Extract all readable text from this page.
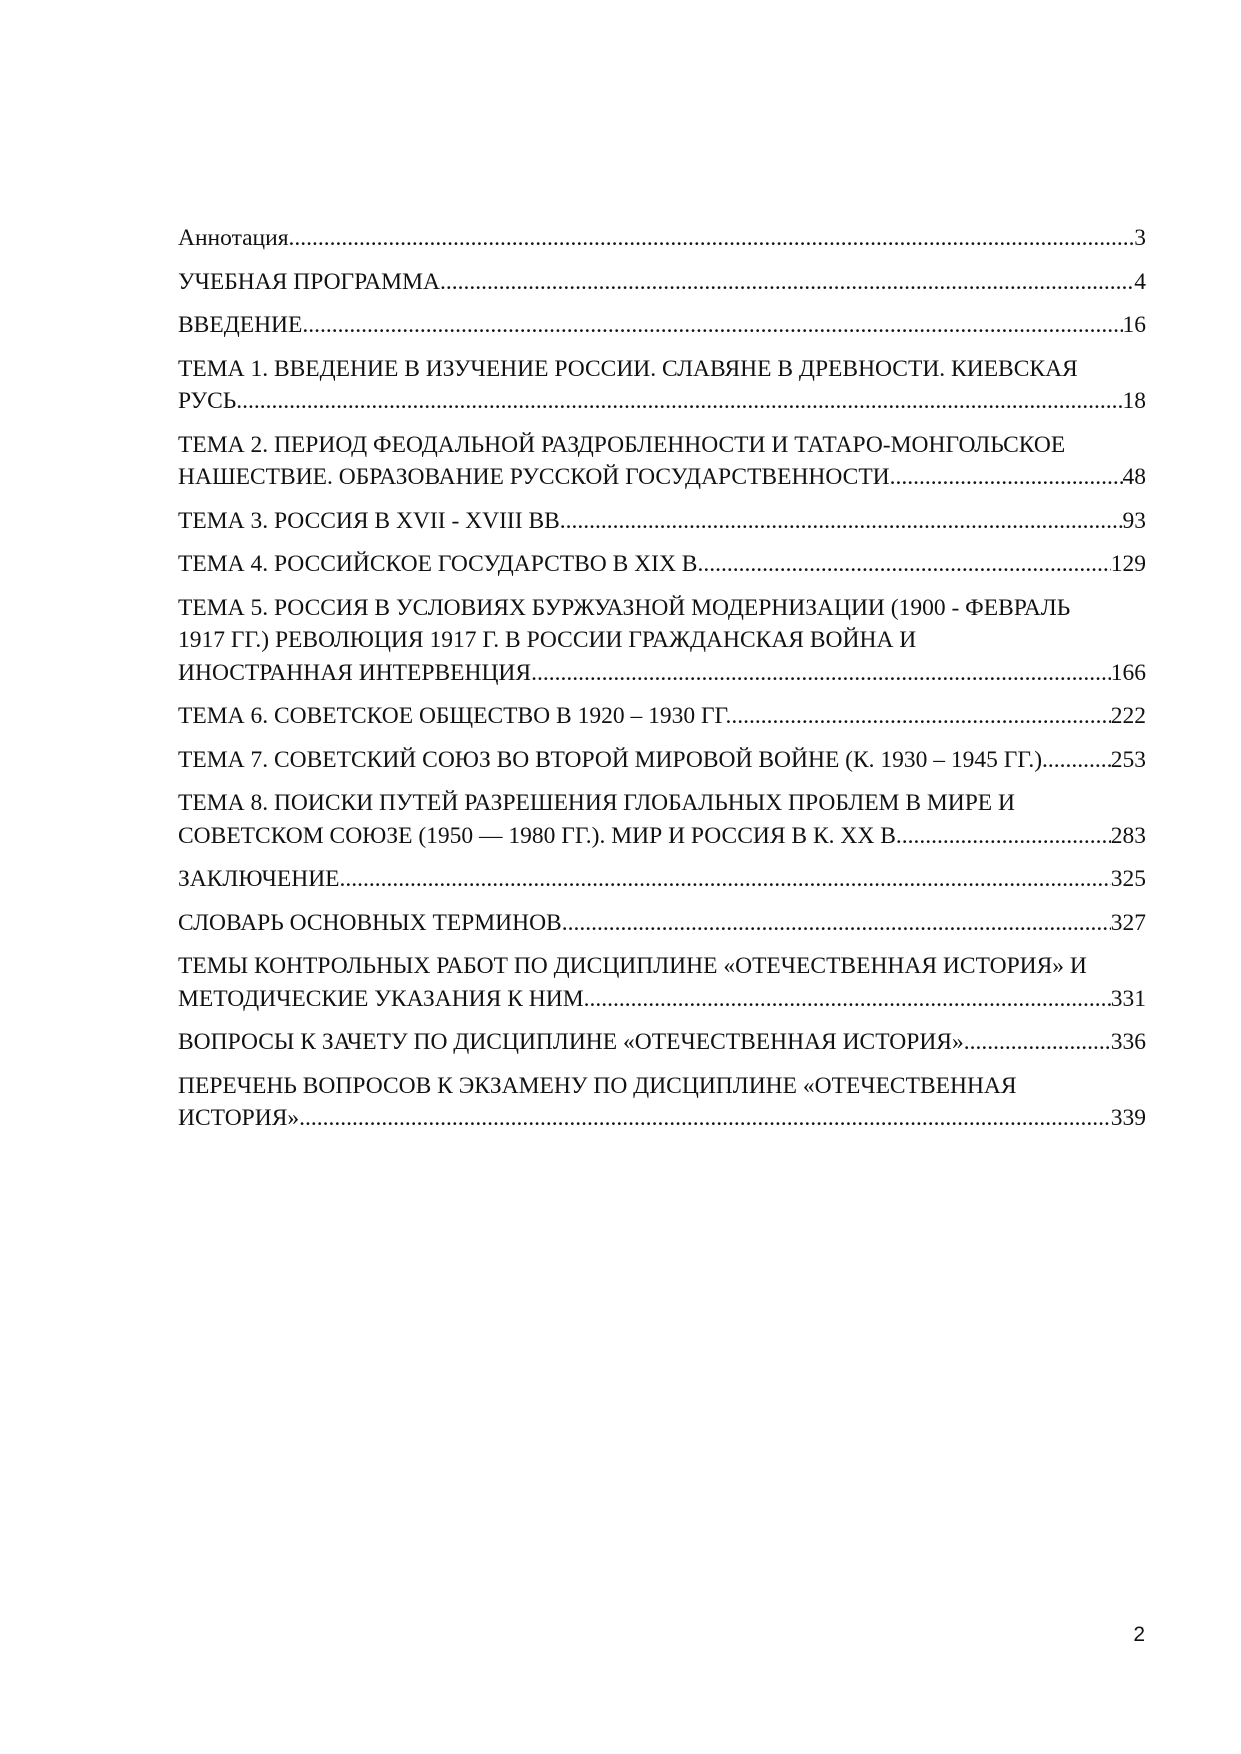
Аннотация .....	3
УЧЕБНАЯ ПРОГРАММА .....	4
ВВЕДЕНИЕ .....	16
ТЕМА 1. ВВЕДЕНИЕ В ИЗУЧЕНИЕ РОССИИ. СЛАВЯНЕ В ДРЕВНОСТИ. КИЕВСКАЯ
РУСЬ .....	18
ТЕМА 2. ПЕРИОД ФЕОДАЛЬНОЙ РАЗДРОБЛЕННОСТИ И ТАТАРО-МОНГОЛЬСКОЕ
НАШЕСТВИЕ. ОБРАЗОВАНИЕ РУССКОЙ ГОСУДАРСТВЕННОСТИ .....	48
ТЕМА 3. РОССИЯ В XVII - XVIII ВВ. .....	93
ТЕМА 4. РОССИЙСКОЕ ГОСУДАРСТВО В XIX В. .....	129
ТЕМА 5. РОССИЯ В УСЛОВИЯХ БУРЖУАЗНОЙ МОДЕРНИЗАЦИИ (1900 - ФЕВРАЛЬ
1917 ГГ.) РЕВОЛЮЦИЯ 1917 Г. В РОССИИ ГРАЖДАНСКАЯ ВОЙНА И
ИНОСТРАННАЯ ИНТЕРВЕНЦИЯ .....	166
ТЕМА 6. СОВЕТСКОЕ ОБЩЕСТВО В 1920 – 1930 ГГ. .....	222
ТЕМА 7. СОВЕТСКИЙ СОЮЗ ВО ВТОРОЙ МИРОВОЙ ВОЙНЕ (К. 1930 – 1945 ГГ.) .....	253
ТЕМА 8. ПОИСКИ ПУТЕЙ РАЗРЕШЕНИЯ ГЛОБАЛЬНЫХ ПРОБЛЕМ В МИРЕ И
СОВЕТСКОМ СОЮЗЕ (1950 — 1980 ГГ.). МИР И РОССИЯ В К. ХХ В. .....	283
ЗАКЛЮЧЕНИЕ .....	325
СЛОВАРЬ ОСНОВНЫХ ТЕРМИНОВ .....	327
ТЕМЫ КОНТРОЛЬНЫХ РАБОТ ПО ДИСЦИПЛИНЕ «ОТЕЧЕСТВЕННАЯ ИСТОРИЯ» И
МЕТОДИЧЕСКИЕ УКАЗАНИЯ К НИМ .....	331
ВОПРОСЫ К ЗАЧЕТУ ПО ДИСЦИПЛИНЕ «ОТЕЧЕСТВЕННАЯ ИСТОРИЯ» .....	336
ПЕРЕЧЕНЬ ВОПРОСОВ К ЭКЗАМЕНУ ПО ДИСЦИПЛИНЕ «ОТЕЧЕСТВЕННАЯ
ИСТОРИЯ» .....	339
2
